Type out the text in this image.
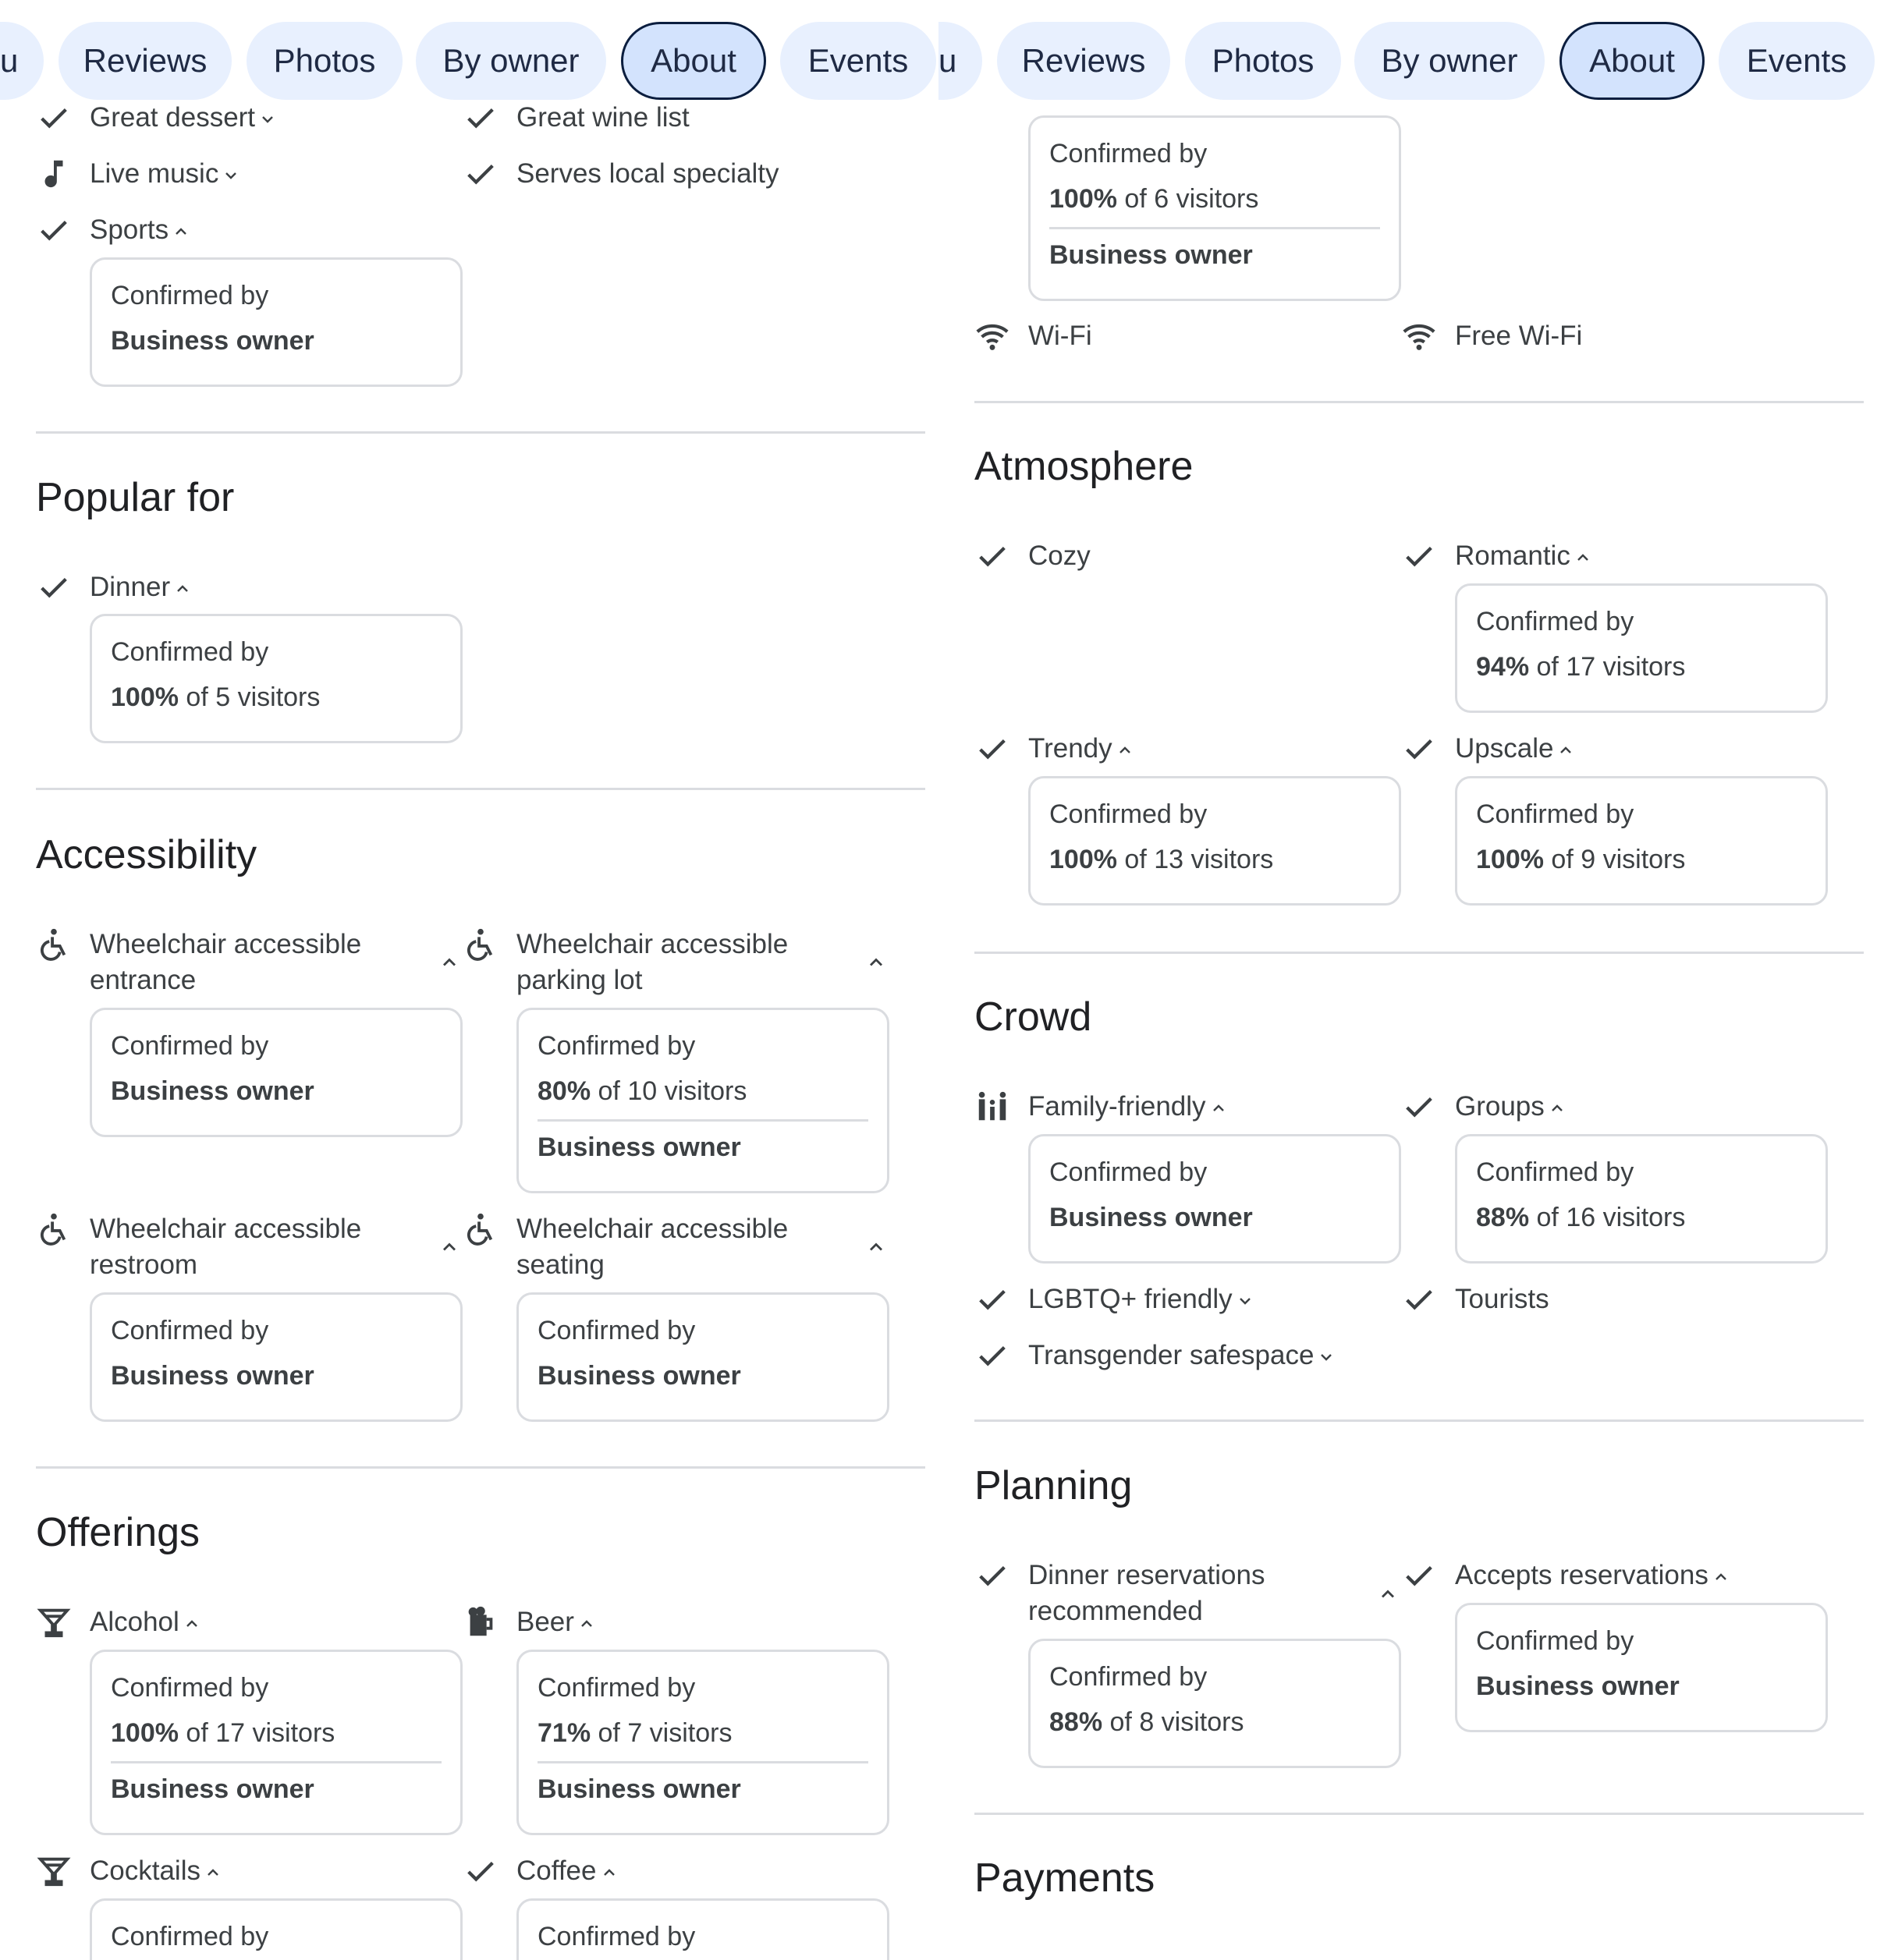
u	Reviews	Photos	By owner	About	Events
Great dessert	Great wine list
Live music	Serves local specialty
Sports
Confirmed by
Business owner
Popular for
Dinner
Confirmed by
100% of 5 visitors
Accessibility
Wheelchair accessible
entrance
Wheelchair accessible
parking lot
Confirmed by
Business owner
Confirmed by
80% of 10 visitors
Business owner
Wheelchair accessible
restroom
Wheelchair accessible
seating
Confirmed by
Business owner
Confirmed by
Business owner
Offerings
Alcohol	Beer
Confirmed by
100% of 17 visitors
Business owner
Confirmed by
71% of 7 visitors
Business owner
Cocktails	Coffee
Confirmed by	Confirmed by
u	Reviews	Photos	By owner	About	Events
Confirmed by
100% of 6 visitors
Business owner
Wi-Fi	Free Wi-Fi
Atmosphere
Cozy	Romantic
Confirmed by
94% of 17 visitors
Trendy	Upscale
Confirmed by
100% of 13 visitors
Confirmed by
100% of 9 visitors
Crowd
Family-friendly	Groups
Confirmed by
Business owner
Confirmed by
88% of 16 visitors
LGBTQ+ friendly	Tourists
Transgender safespace
Planning
Dinner reservations
recommended
Accepts reservations
Confirmed by
88% of 8 visitors
Confirmed by
Business owner
Payments
